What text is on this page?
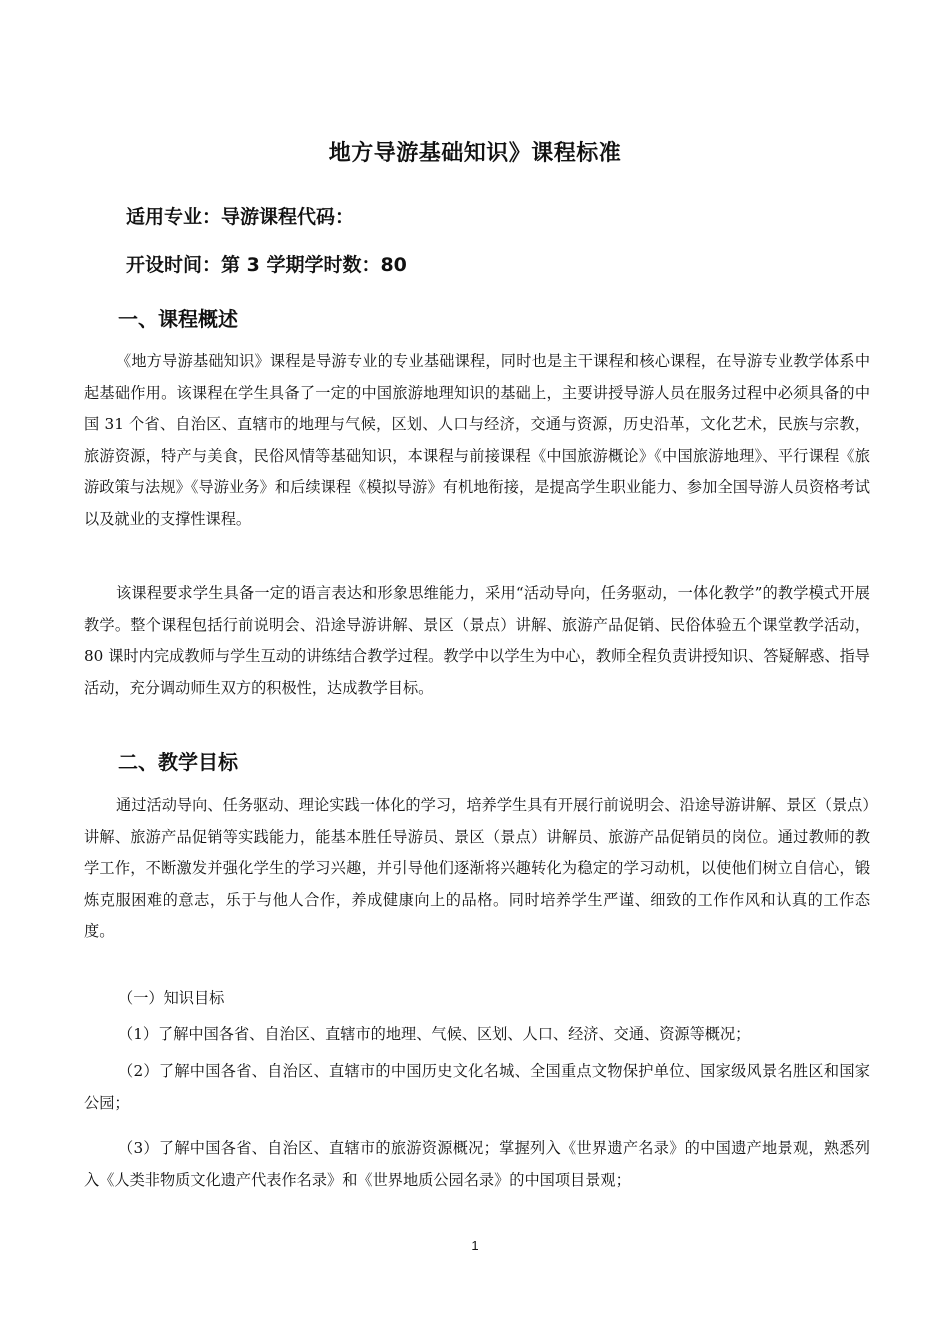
地方导游基础知识》课程标准
适用专业：导游课程代码：
开设时间：第 3 学期学时数：80
一、课程概述

《地方导游基础知识》课程是导游专业的专业基础课程，同时也是主干课程和核心课程，在导游专业教学体系中起基础作用。该课程在学生具备了一定的中国旅游地理知识的基础上，主要讲授导游人员在服务过程中必须具备的中国 31 个省、自治区、直辖市的地理与气候，区划、人口与经济，交通与资源，历史沿革，文化艺术，民族与宗教，旅游资源，特产与美食，民俗风情等基础知识，本课程与前接课程《中国旅游概论》《中国旅游地理》、平行课程《旅游政策与法规》《导游业务》和后续课程《模拟导游》有机地衔接，是提高学生职业能力、参加全国导游人员资格考试以及就业的支撑性课程。

该课程要求学生具备一定的语言表达和形象思维能力，采用“活动导向，任务驱动，一体化教学”的教学模式开展教学。整个课程包括行前说明会、沿途导游讲解、景区（景点）讲解、旅游产品促销、民俗体验五个课堂教学活动，80 课时内完成教师与学生互动的讲练结合教学过程。教学中以学生为中心，教师全程负责讲授知识、答疑解惑、指导活动，充分调动师生双方的积极性，达成教学目标。

二、教学目标

通过活动导向、任务驱动、理论实践一体化的学习，培养学生具有开展行前说明会、沿途导游讲解、景区（景点）讲解、旅游产品促销等实践能力，能基本胜任导游员、景区（景点）讲解员、旅游产品促销员的岗位。通过教师的教学工作，不断激发并强化学生的学习兴趣，并引导他们逐渐将兴趣转化为稳定的学习动机，以使他们树立自信心，锻炼克服困难的意志，乐于与他人合作，养成健康向上的品格。同时培养学生严谨、细致的工作作风和认真的工作态度。

（一）知识目标

（1）了解中国各省、自治区、直辖市的地理、气候、区划、人口、经济、交通、资源等概况；

（2）了解中国各省、自治区、直辖市的中国历史文化名城、全国重点文物保护单位、国家级风景名胜区和国家公园；

（3）了解中国各省、自治区、直辖市的旅游资源概况；掌握列入《世界遗产名录》的中国遗产地景观，熟悉列入《人类非物质文化遗产代表作名录》和《世界地质公园名录》的中国项目景观；

1
